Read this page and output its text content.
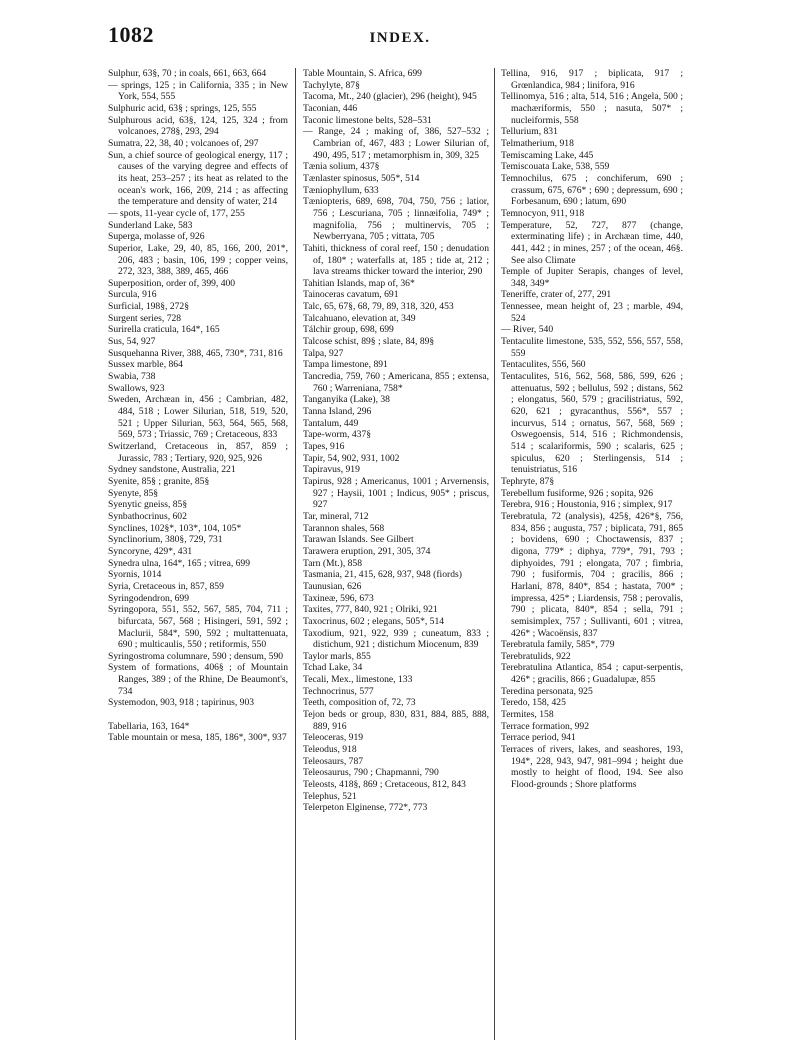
1082	INDEX.
Sulphur, 63§, 70 ; in coals, 661, 663, 664
— springs, 125 ; in California, 335 ; in New York, 554, 555
Sulphuric acid, 63§ ; springs, 125, 555
Sulphurous acid, 63§, 124, 125, 324 ; from volcanoes, 278§, 293, 294
Sumatra, 22, 38, 40 ; volcanoes of, 297
Sun, a chief source of geological energy, 117 ; causes of the varying degree and effects of its heat, 253–257 ; its heat as related to the ocean's work, 166, 209, 214 ; as affecting the temperature and density of water, 214
— spots, 11-year cycle of, 177, 255
Sunderland Lake, 583
Superga, molasse of, 926
Superior, Lake, 29, 40, 85, 166, 200, 201*, 206, 483 ; basin, 106, 199 ; copper veins, 272, 323, 388, 389, 465, 466
Superposition, order of, 399, 400
Surcula, 916
Surficial, 198§, 272§
Surgent series, 728
Surirella craticula, 164*, 165
Sus, 54, 927
Susquehanna River, 388, 465, 730*, 731, 816
Sussex marble, 864
Swabia, 738
Swallows, 923
Sweden, Archæan in, 456 ; Cambrian, 482, 484, 518 ; Lower Silurian, 518, 519, 520, 521 ; Upper Silurian, 563, 564, 565, 568, 569, 573 ; Triassic, 769 ; Cretaceous, 833
Switzerland, Cretaceous in, 857, 859 ; Jurassic, 783 ; Tertiary, 920, 925, 926
Sydney sandstone, Australia, 221
Syenite, 85§ ; granite, 85§
Syenyte, 85§
Syenytic gneiss, 85§
Synbathocrinus, 602
Synclines, 102§*, 103*, 104, 105*
Synclinorium, 380§, 729, 731
Syncoryne, 429*, 431
Synedra ulna, 164*, 165 ; vitrea, 699
Syornis, 1014
Syria, Cretaceous in, 857, 859
Syringodendron, 699
Syringopora, 551, 552, 567, 585, 704, 711 ; bifurcata, 567, 568 ; Hisingeri, 591, 592 ; Maclurii, 584*, 590, 592 ; multattenuata, 690 ; multicaulis, 550 ; retiformis, 550
Syringostroma columnare, 590 ; densum, 590
System of formations, 406§ ; of Mountain Ranges, 389 ; of the Rhine, De Beaumont's, 734
Systemodon, 903, 918 ; tapirinus, 903
Tabellaria, 163, 164*
Table mountain or mesa, 185, 186*, 300*, 937
Table Mountain, S. Africa, 699
Tachylyte, 87§
Tacoma, Mt., 240 (glacier), 296 (height), 945
Taconian, 446
Taconic limestone belts, 528–531
— Range, 24 ; making of, 386, 527–532 ; Cambrian of, 467, 483 ; Lower Silurian of, 490, 495, 517 ; metamorphism in, 309, 325
Tænia solium, 437§
Tænlaster spinosus, 505*, 514
Tæniophyllum, 633
Tæniopteris, 689, 698, 704, 750, 756 ; latior, 756 ; Lescuriana, 705 ; linnæifolia, 749* ; magnifolia, 756 ; multinervis, 705 ; Newberryana, 705 ; vittata, 705
Tahiti, thickness of coral reef, 150 ; denudation of, 180* ; waterfalls at, 185 ; tide at, 212 ; lava streams thicker toward the interior, 290
Tahitian Islands, map of, 36*
Tainoceras cavatum, 691
Talc, 65, 67§, 68, 79, 89, 318, 320, 453
Talcahuano, elevation at, 349
Tálchir group, 698, 699
Talcose schist, 89§ ; slate, 84, 89§
Talpa, 927
Tampa limestone, 891
Tancredia, 759, 760 ; Americana, 855 ; extensa, 760 ; Warreniana, 758*
Tanganyika (Lake), 38
Tanna Island, 296
Tantalum, 449
Tape-worm, 437§
Tapes, 916
Tapir, 54, 902, 931, 1002
Tapiravus, 919
Tapirus, 928 ; Americanus, 1001 ; Arvernensis, 927 ; Haysii, 1001 ; Indicus, 905* ; priscus, 927
Tar, mineral, 712
Tarannon shales, 568
Tarawan Islands. See Gilbert
Tarawera eruption, 291, 305, 374
Tarn (Mt.), 858
Tasmania, 21, 415, 628, 937, 948 (fiords)
Taunusian, 626
Taxineæ, 596, 673
Taxites, 777, 840, 921 ; Olriki, 921
Taxocrinus, 602 ; elegans, 505*, 514
Taxodium, 921, 922, 939 ; cuneatum, 833 ; distichum, 921 ; distichum Miocenum, 839
Taylor marls, 855
Tchad Lake, 34
Tecali, Mex., limestone, 133
Technocrinus, 577
Teeth, composition of, 72, 73
Tejon beds or group, 830, 831, 884, 885, 888, 889, 916
Teleoceras, 919
Teleodus, 918
Teleosaurs, 787
Teleosaurus, 790 ; Chapmanni, 790
Teleosts, 418§, 869 ; Cretaceous, 812, 843
Telephus, 521
Telerpeton Elginense, 772*, 773
Tellina, 916, 917 ; biplicata, 917 ; Grœnlandica, 984 ; linifora, 916
Tellinomya, 516 ; alta, 514, 516 ; Angela, 500 ; machæriformis, 550 ; nasuta, 507* ; nucleiformis, 558
Tellurium, 831
Telmatherium, 918
Temiscaming Lake, 445
Temiscouata Lake, 538, 559
Temnochilus, 675 ; conchiferum, 690 ; crassum, 675, 676* ; 690 ; depressum, 690 ; Forbesanum, 690 ; latum, 690
Temnocyon, 911, 918
Temperature, 52, 727, 877 (change, exterminating life) ; in Archæan time, 440, 441, 442 ; in mines, 257 ; of the ocean, 46§. See also Climate
Temple of Jupiter Serapis, changes of level, 348, 349*
Teneriffe, crater of, 277, 291
Tennessee, mean height of, 23 ; marble, 494, 524
— River, 540
Tentaculite limestone, 535, 552, 556, 557, 558, 559
Tentaculites, 556, 560
Tentaculites, 516, 562, 568, 586, 599, 626 ; attenuatus, 592 ; bellulus, 592 ; distans, 562 ; elongatus, 560, 579 ; gracilistriatus, 592, 620, 621 ; gyracanthus, 556*, 557 ; incurvus, 514 ; ornatus, 567, 568, 569 ; Oswegoensis, 514, 516 ; Richmondensis, 514 ; scalariformis, 590 ; scalaris, 625 ; spiculus, 620 ; Sterlingensis, 514 ; tenuistriatus, 516
Tephryte, 87§
Terebellum fusiforme, 926 ; sopita, 926
Terebra, 916 ; Houstonia, 916 ; simplex, 917
Terebratula, 72 (analysis), 425§, 426*§, 756, 834, 856 ; augusta, 757 ; biplicata, 791, 865 ; bovidens, 690 ; Choctawensis, 837 ; digona, 779* ; diphya, 779*, 791, 793 ; diphyoides, 791 ; elongata, 707 ; fimbria, 790 ; fusiformis, 704 ; gracilis, 866 ; Harlani, 878, 840*, 854 ; hastata, 700* ; impressa, 425* ; Liardensis, 758 ; perovalis, 790 ; plicata, 840*, 854 ; sella, 791 ; semisimplex, 757 ; Sullivanti, 601 ; vitrea, 426* ; Wacoënsis, 837
Terebratula family, 585*, 779
Terebratulids, 922
Terebratulina Atlantica, 854 ; caput-serpentis, 426* ; gracilis, 866 ; Guadalupæ, 855
Teredina personata, 925
Teredo, 158, 425
Termites, 158
Terrace formation, 992
Terrace period, 941
Terraces of rivers, lakes, and seashores, 193, 194*, 228, 943, 947, 981–994 ; height due mostly to height of flood, 194. See also Flood-grounds ; Shore platforms
